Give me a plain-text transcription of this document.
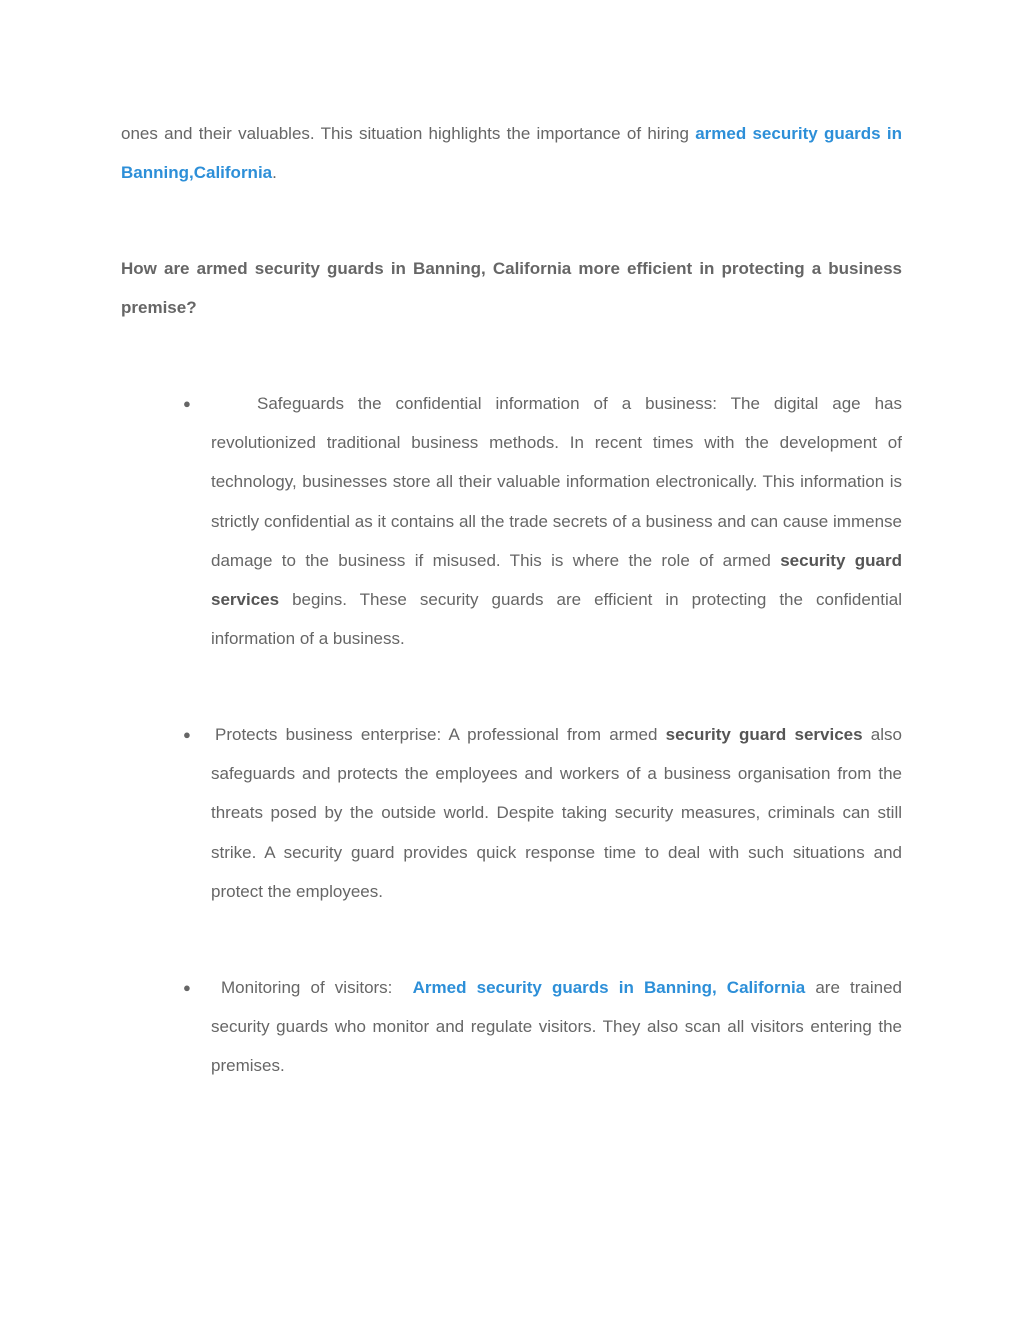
ones and their valuables. This situation highlights the importance of hiring armed security guards in Banning,California.

How are armed security guards in Banning, California more efficient in protecting a business premise?

●	Safeguards the confidential information of a business: The digital age has revolutionized traditional business methods. In recent times with the development of technology, businesses store all their valuable information electronically. This information is strictly confidential as it contains all the trade secrets of a business and can cause immense damage to the business if misused. This is where the role of armed security guard services begins. These security guards are efficient in protecting the confidential information of a business.

● Protects business enterprise: A professional from armed security guard services also safeguards and protects the employees and workers of a business organisation from the threats posed by the outside world. Despite taking security measures, criminals can still strike. A security guard provides quick response time to deal with such situations and protect the employees.

●	Monitoring of visitors:  Armed security guards in Banning, California are trained security guards who monitor and regulate visitors. They also scan all visitors entering the premises.
